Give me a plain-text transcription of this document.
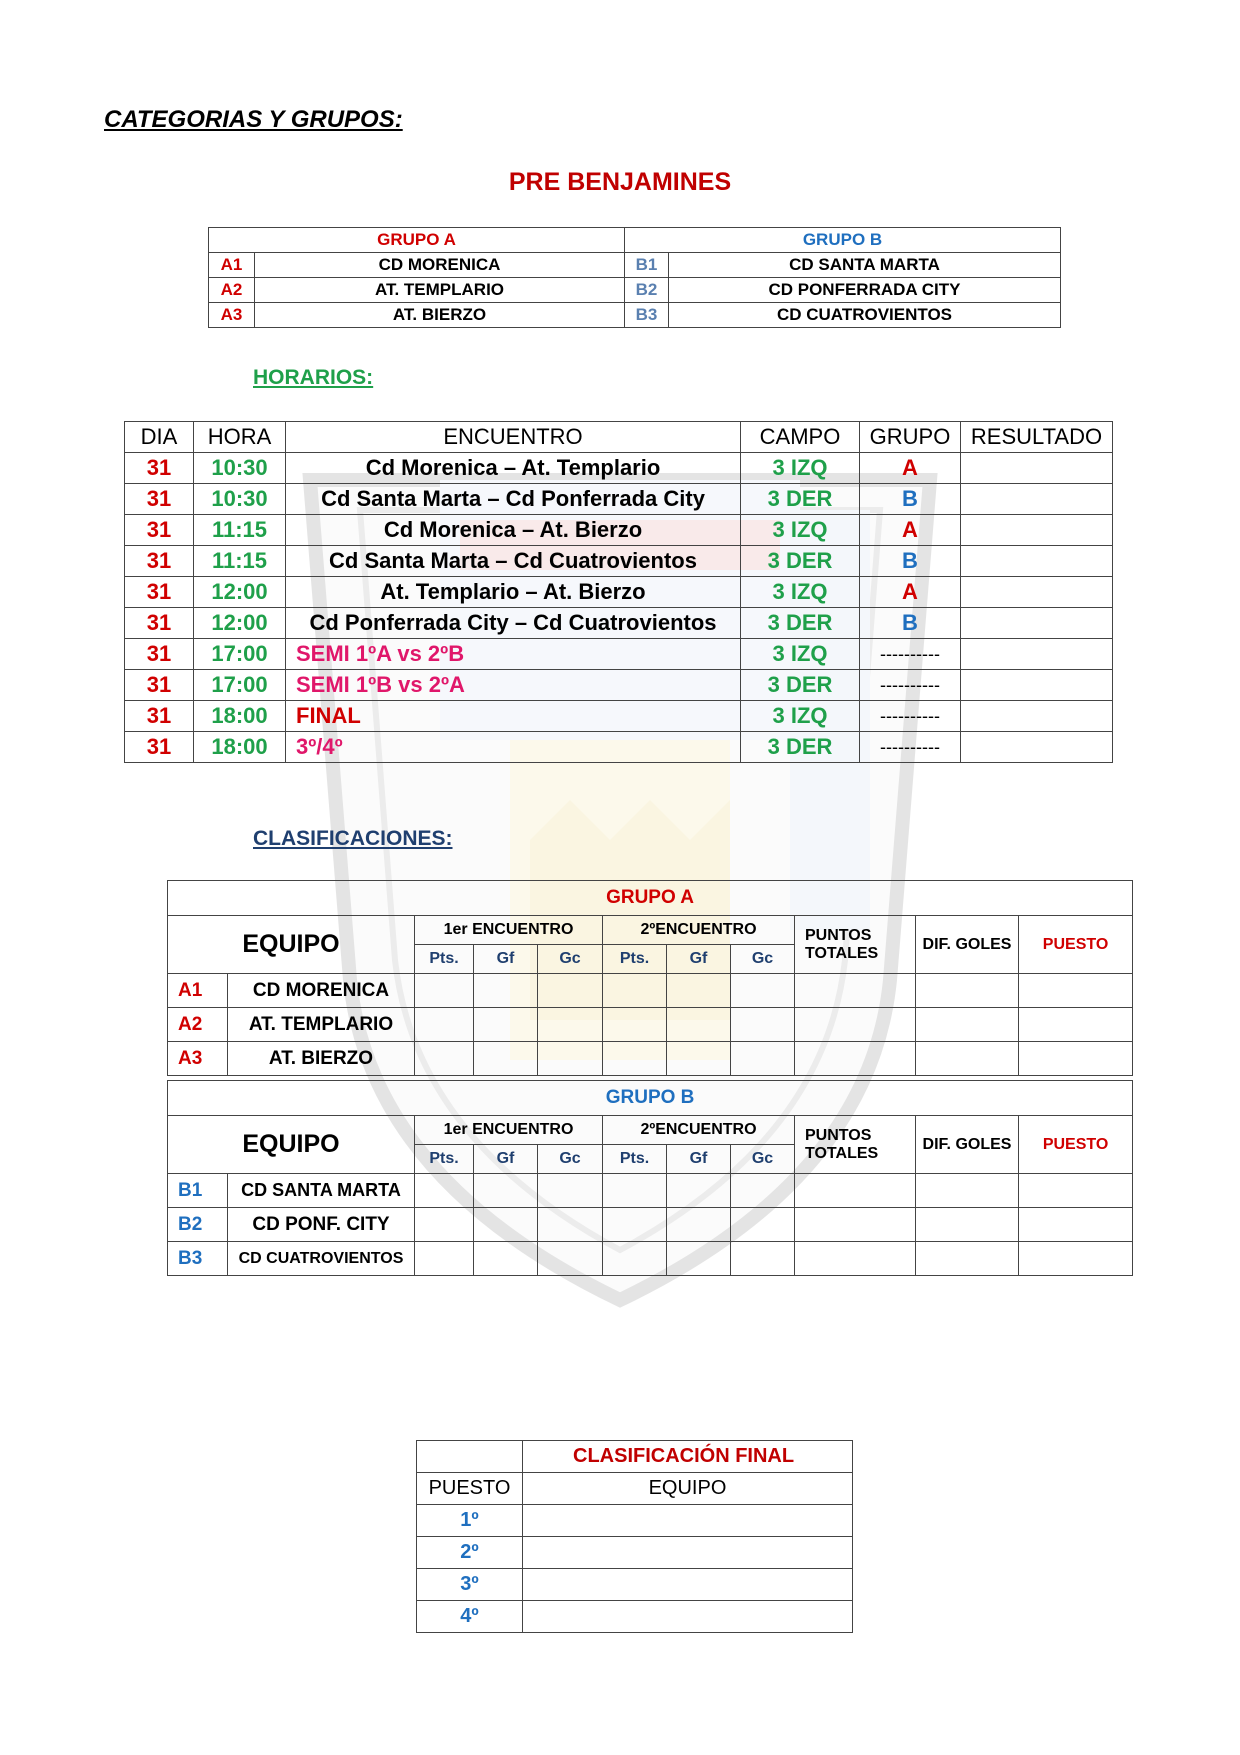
CATEGORIAS Y GRUPOS:
PRE BENJAMINES
GRUPO A		GRUPO B	
A1	CD MORENICA	B1	CD SANTA MARTA
A2	AT. TEMPLARIO	B2	CD PONFERRADA CITY
A3	AT. BIERZO	B3	CD CUATROVIENTOS
HORARIOS:
DIA	HORA	ENCUENTRO	CAMPO	GRUPO	RESULTADO
31	10:30	Cd Morenica – At. Templario	3 IZQ	A	
31	10:30	Cd Santa Marta – Cd Ponferrada City	3 DER	B	
31	11:15	Cd Morenica – At. Bierzo	3 IZQ	A	
31	11:15	Cd Santa Marta – Cd Cuatrovientos	3 DER	B	
31	12:00	At. Templario – At. Bierzo	3 IZQ	A	
31	12:00	Cd Ponferrada City – Cd Cuatrovientos	3 DER	B	
31	17:00	SEMI 1ºA vs 2ºB	3 IZQ	----------	
31	17:00	SEMI 1ºB vs 2ºA	3 DER	----------	
31	18:00	FINAL	3 IZQ	----------	
31	18:00	3º/4º	3 DER	----------	
CLASIFICACIONES:
GRUPO A										
EQUIPO		1er ENCUENTRO			2ºENCUENTRO			PUNTOS TOTALES	DIF. GOLES	PUESTO
		Pts.	Gf	Gc	Pts.	Gf	Gc			
A1	CD MORENICA									
A2	AT. TEMPLARIO									
A3	AT. BIERZO									
GRUPO B										
EQUIPO		1er ENCUENTRO			2ºENCUENTRO			PUNTOS TOTALES	DIF. GOLES	PUESTO
		Pts.	Gf	Gc	Pts.	Gf	Gc			
B1	CD SANTA MARTA									
B2	CD PONF. CITY									
B3	CD CUATROVIENTOS									
	CLASIFICACIÓN FINAL
PUESTO	EQUIPO
1º	
2º	
3º	
4º	
